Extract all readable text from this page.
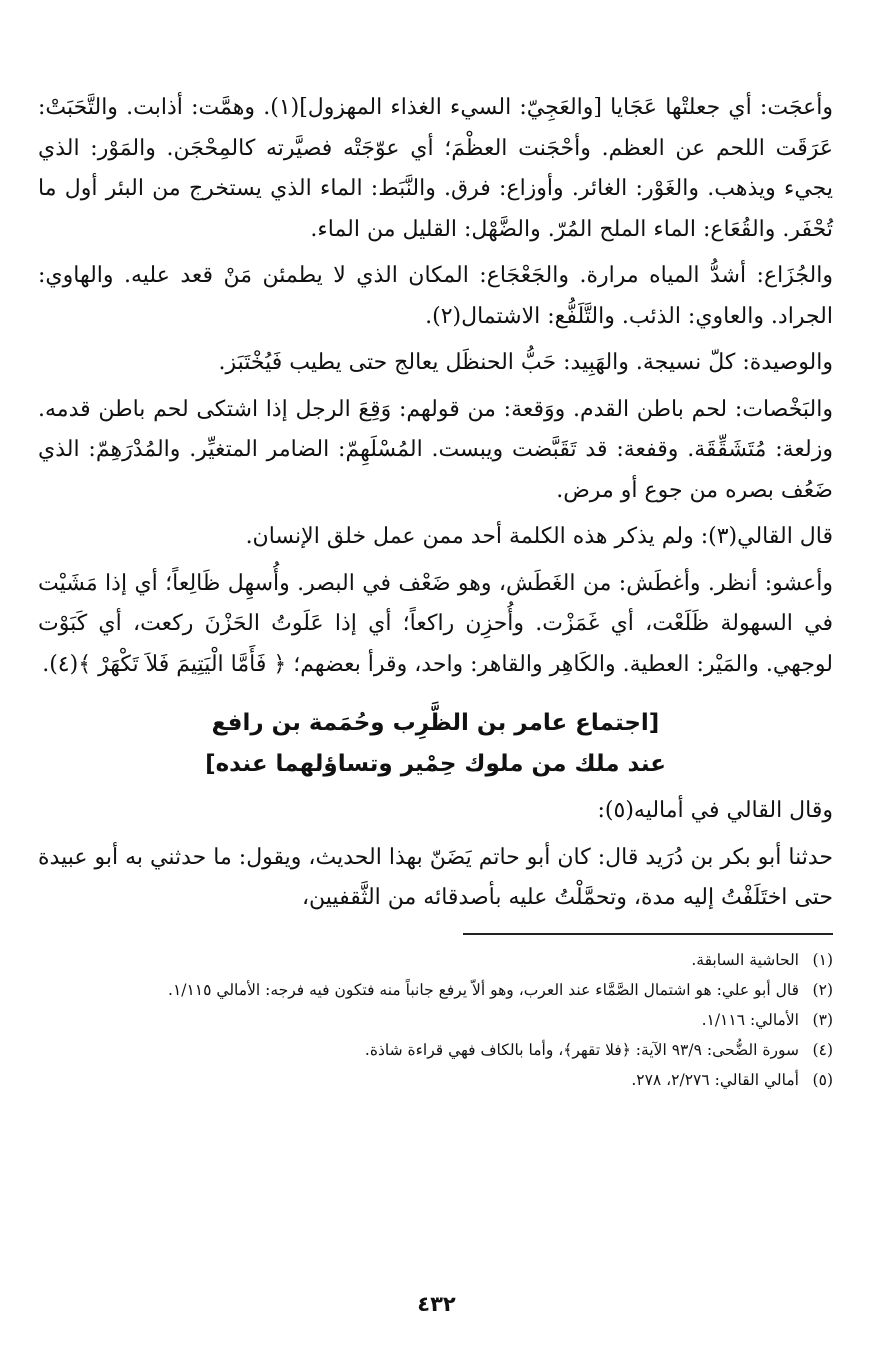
وأعجَت: أي جعلتْها عَجَايا [والعَجِيّ: السيء الغذاء المهزول](١). وهمَّت: أذابت. والتَّحَبَتْ: عَرَقَت اللحم عن العظم. وأحْجَنت العظْمَ؛ أي عوّجَتْه فصيَّرته كالمِحْجَن. والمَوْر: الذي يجيء ويذهب. والغَوْر: الغائر. وأوزاع: فرق. والنَّبَط: الماء الذي يستخرج من البئر أول ما تُحْفَر. والقُعَاع: الماء الملح المُرّ. والضَّهْل: القليل من الماء.

والجُزَاع: أشدُّ المياه مرارة. والجَعْجَاع: المكان الذي لا يطمئن مَنْ قعد عليه. والهاوي: الجراد. والعاوي: الذئب. والتَّلَفُّع: الاشتمال(٢).

والوصيدة: كلّ نسيجة. والهَبِيد: حَبُّ الحنظَل يعالج حتى يطيب فَيُخْتَبَز.

والبَخْصات: لحم باطن القدم. ووَقعة: من قولهم: وَقِعَ الرجل إذا اشتكى لحم باطن قدمه. وزلعة: مُتَشَقِّقَة. وقفعة: قد تَقَبَّضت ويبست. المُسْلَهِمّ: الضامر المتغيِّر. والمُدْرَهِمّ: الذي ضَعُف بصره من جوع أو مرض.

قال القالي(٣): ولم يذكر هذه الكلمة أحد ممن عمل خلق الإنسان.

وأعشو: أنظر. وأغطَش: من الغَطَش، وهو ضَعْف في البصر. وأُسهِل ظَالِعاً؛ أي إذا مَشَيْت في السهولة ظَلَعْت، أي غَمَزْت. وأُحزِن راكعاً؛ أي إذا عَلَوتُ الحَزْنَ ركعت، أي كَبَوْت لوجهي. والمَيْر: العطية. والكَاهِر والقاهر: واحد، وقرأ بعضهم؛ ﴿ فَأَمَّا الْيَتِيمَ فَلاَ تَكْهَرْ ﴾(٤).

[اجتماع عامر بن الظَّرِب وحُمَمة بن رافع
عند ملك من ملوك حِمْير وتساؤلهما عنده]

وقال القالي في أماليه(٥):

حدثنا أبو بكر بن دُرَيد قال: كان أبو حاتم يَضَنّ بهذا الحديث، ويقول: ما حدثني به أبو عبيدة حتى اختَلَفْتُ إليه مدة، وتحمَّلْتُ عليه بأصدقائه من الثَّقفيين،

(١)
الحاشية السابقة.
(٢)
قال أبو علي: هو اشتمال الصَّمَّاء عند العرب، وهو ألاّ يرفع جانباً منه فتكون فيه فرجه: الأمالي ١/١١٥.
(٣)
الأمالي: ١/١١٦.
(٤)
سورة الضُّحى: ٩٣/٩ الآية: ﴿فلا تقهر﴾، وأما بالكاف فهي قراءة شاذة.
(٥)
أمالي القالي: ٢/٢٧٦، ٢٧٨.
٤٣٢
